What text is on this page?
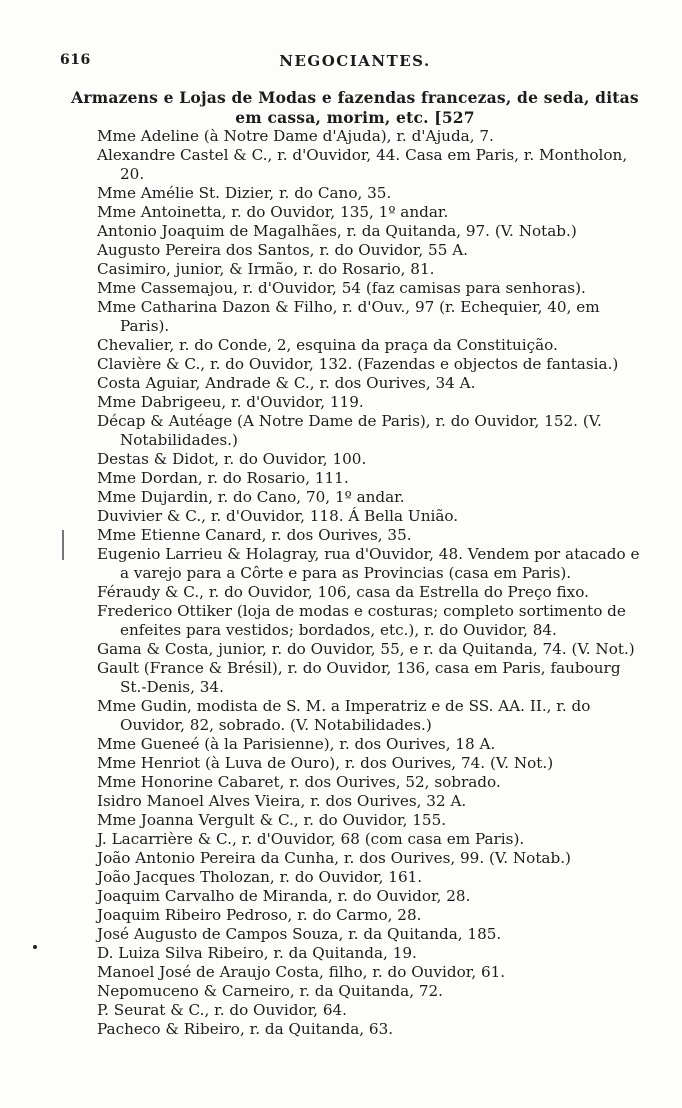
616	NEGOCIANTES.
Armazens e Lojas de Modas e fazendas francezas, de seda, ditas
em cassa, morim, etc. [527
Mme Adeline (à Notre Dame d'Ajuda), r. d'Ajuda, 7.
Alexandre Castel & C., r. d'Ouvidor, 44. Casa em Paris, r. Montholon, 20.
Mme Amélie St. Dizier, r. do Cano, 35.
Mme Antoinetta, r. do Ouvidor, 135, 1º andar.
Antonio Joaquim de Magalhães, r. da Quitanda, 97. (V. Notab.)
Augusto Pereira dos Santos, r. do Ouvidor, 55 A.
Casimiro, junior, & Irmão, r. do Rosario, 81.
Mme Cassemajou, r. d'Ouvidor, 54 (faz camisas para senhoras).
Mme Catharina Dazon & Filho, r. d'Ouv., 97 (r. Echequier, 40, em Paris).
Chevalier, r. do Conde, 2, esquina da praça da Constituição.
Clavière & C., r. do Ouvidor, 132. (Fazendas e objectos de fantasia.)
Costa Aguiar, Andrade & C., r. dos Ourives, 34 A.
Mme Dabrigeeu, r. d'Ouvidor, 119.
Décap & Autéage (A Notre Dame de Paris), r. do Ouvidor, 152. (V. Notabilidades.)
Destas & Didot, r. do Ouvidor, 100.
Mme Dordan, r. do Rosario, 111.
Mme Dujardin, r. do Cano, 70, 1º andar.
Duvivier & C., r. d'Ouvidor, 118. Á Bella União.
Mme Etienne Canard, r. dos Ourives, 35.
Eugenio Larrieu & Holagray, rua d'Ouvidor, 48. Vendem por atacado e a varejo para a Côrte e para as Provincias (casa em Paris).
Féraudy & C., r. do Ouvidor, 106, casa da Estrella do Preço fixo.
Frederico Ottiker (loja de modas e costuras; completo sortimento de enfeites para vestidos; bordados, etc.), r. do Ouvidor, 84.
Gama & Costa, junior, r. do Ouvidor, 55, e r. da Quitanda, 74. (V. Not.)
Gault (France & Brésil), r. do Ouvidor, 136, casa em Paris, faubourg St.-Denis, 34.
Mme Gudin, modista de S. M. a Imperatriz e de SS. AA. II., r. do Ouvidor, 82, sobrado. (V. Notabilidades.)
Mme Gueneé (à la Parisienne), r. dos Ourives, 18 A.
Mme Henriot (à Luva de Ouro), r. dos Ourives, 74. (V. Not.)
Mme Honorine Cabaret, r. dos Ourives, 52, sobrado.
Isidro Manoel Alves Vieira, r. dos Ourives, 32 A.
Mme Joanna Vergult & C., r. do Ouvidor, 155.
J. Lacarrière & C., r. d'Ouvidor, 68 (com casa em Paris).
João Antonio Pereira da Cunha, r. dos Ourives, 99. (V. Notab.)
João Jacques Tholozan, r. do Ouvidor, 161.
Joaquim Carvalho de Miranda, r. do Ouvidor, 28.
Joaquim Ribeiro Pedroso, r. do Carmo, 28.
José Augusto de Campos Souza, r. da Quitanda, 185.
D. Luiza Silva Ribeiro, r. da Quitanda, 19.
Manoel José de Araujo Costa, filho, r. do Ouvidor, 61.
Nepomuceno & Carneiro, r. da Quitanda, 72.
P. Seurat & C., r. do Ouvidor, 64.
Pacheco & Ribeiro, r. da Quitanda, 63.
